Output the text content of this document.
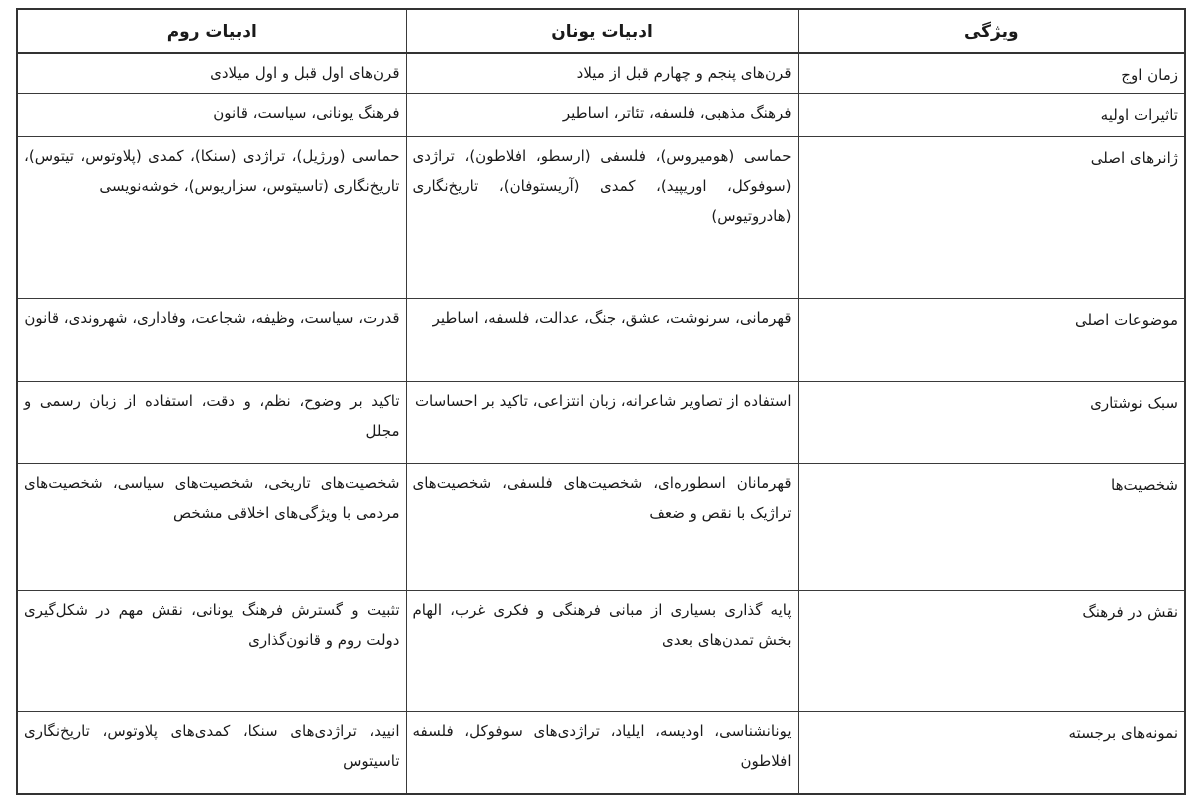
ویژگی	ادبیات یونان	ادبیات روم
زمان اوج	قرن‌های پنجم و چهارم قبل از میلاد	قرن‌های اول قبل و اول میلادی
تاثیرات اولیه	فرهنگ مذهبی، فلسفه، تئاتر، اساطیر	فرهنگ یونانی، سیاست، قانون
ژانرهای اصلی	حماسی (هومیروس)، فلسفی (ارسطو، افلاطون)، تراژدی (سوفوکل، اوریپید)، کمدی (آریستوفان)، تاریخ‌نگاری (هادروتیوس)	حماسی (ورژیل)، تراژدی (سنکا)، کمدی (پلاوتوس، تیتوس)، تاریخ‌نگاری (تاسیتوس، سزاریوس)، خوشه‌نویسی
موضوعات اصلی	قهرمانی، سرنوشت، عشق، جنگ، عدالت، فلسفه، اساطیر	قدرت، سیاست، وظیفه، شجاعت، وفاداری، شهروندی، قانون
سبک نوشتاری	استفاده از تصاویر شاعرانه، زبان انتزاعی، تاکید بر احساسات	تاکید بر وضوح، نظم، و دقت، استفاده از زبان رسمی و مجلل
شخصیت‌ها	قهرمانان اسطوره‌ای، شخصیت‌های فلسفی، شخصیت‌های تراژیک با نقص و ضعف	شخصیت‌های تاریخی، شخصیت‌های سیاسی، شخصیت‌های مردمی با ویژگی‌های اخلاقی مشخص
نقش در فرهنگ	پایه گذاری بسیاری از مبانی فرهنگی و فکری غرب، الهام بخش تمدن‌های بعدی	تثبیت و گسترش فرهنگ یونانی، نقش مهم در شکل‌گیری دولت روم و قانون‌گذاری
نمونه‌های برجسته	یونانشناسی، اودیسه، ایلیاد، تراژدی‌های سوفوکل، فلسفه افلاطون	انیید، تراژدی‌های سنکا، کمدی‌های پلاوتوس، تاریخ‌نگاری تاسیتوس
